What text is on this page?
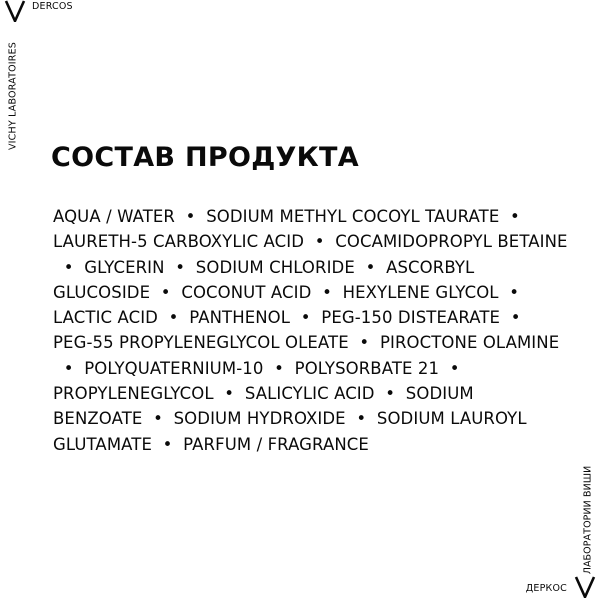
DERCOS
VICHY LABORATOIRES
СОСТАВ ПРОДУКТА
AQUA / WATER  •  SODIUM METHYL COCOYL TAURATE  •
LAURETH-5 CARBOXYLIC ACID  •  COCAMIDOPROPYL BETAINE
•  GLYCERIN  •  SODIUM CHLORIDE  •  ASCORBYL
GLUCOSIDE  •  COCONUT ACID  •  HEXYLENE GLYCOL  •
LACTIC ACID  •  PANTHENOL  •  PEG-150 DISTEARATE  •
PEG-55 PROPYLENEGLYCOL OLEATE  •  PIROCTONE OLAMINE
•  POLYQUATERNIUM-10  •  POLYSORBATE 21  •
PROPYLENEGLYCOL  •  SALICYLIC ACID  •  SODIUM
BENZOATE  •  SODIUM HYDROXIDE  •  SODIUM LAUROYL
GLUTAMATE  •  PARFUM / FRAGRANCE
ЛАБОРАТОРИИ ВИШИ
ДЕРКОС
